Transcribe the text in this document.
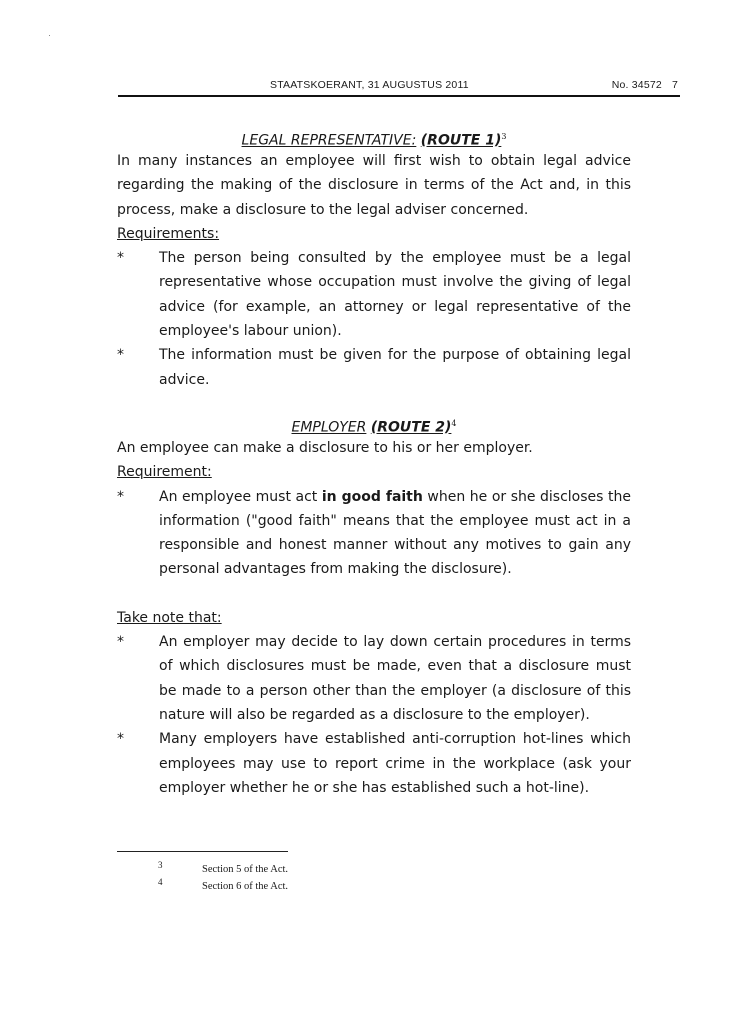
STAATSKOERANT, 31 AUGUSTUS 2011	No. 34572 7
LEGAL REPRESENTATIVE: (ROUTE 1)$^3$

In many instances an employee will first wish to obtain legal advice regarding the making of the disclosure in terms of the Act and, in this process, make a disclosure to the legal adviser concerned.

Requirements:
*	The person being consulted by the employee must be a legal representative whose occupation must involve the giving of legal advice (for example, an attorney or legal representative of the employee's labour union).
*	The information must be given for the purpose of obtaining legal advice.
EMPLOYER (ROUTE 2)$^4$

An employee can make a disclosure to his or her employer.

Requirement:
*	An employee must act in good faith when he or she discloses the information ("good faith" means that the employee must act in a responsible and honest manner without any motives to gain any personal advantages from making the disclosure).
Take note that:
*	An employer may decide to lay down certain procedures in terms of which disclosures must be made, even that a disclosure must be made to a person other than the employer (a disclosure of this nature will also be regarded as a disclosure to the employer).
*	Many employers have established anti-corruption hot-lines which employees may use to report crime in the workplace (ask your employer whether he or she has established such a hot-line).
3	Section 5 of the Act.
4	Section 6 of the Act.
